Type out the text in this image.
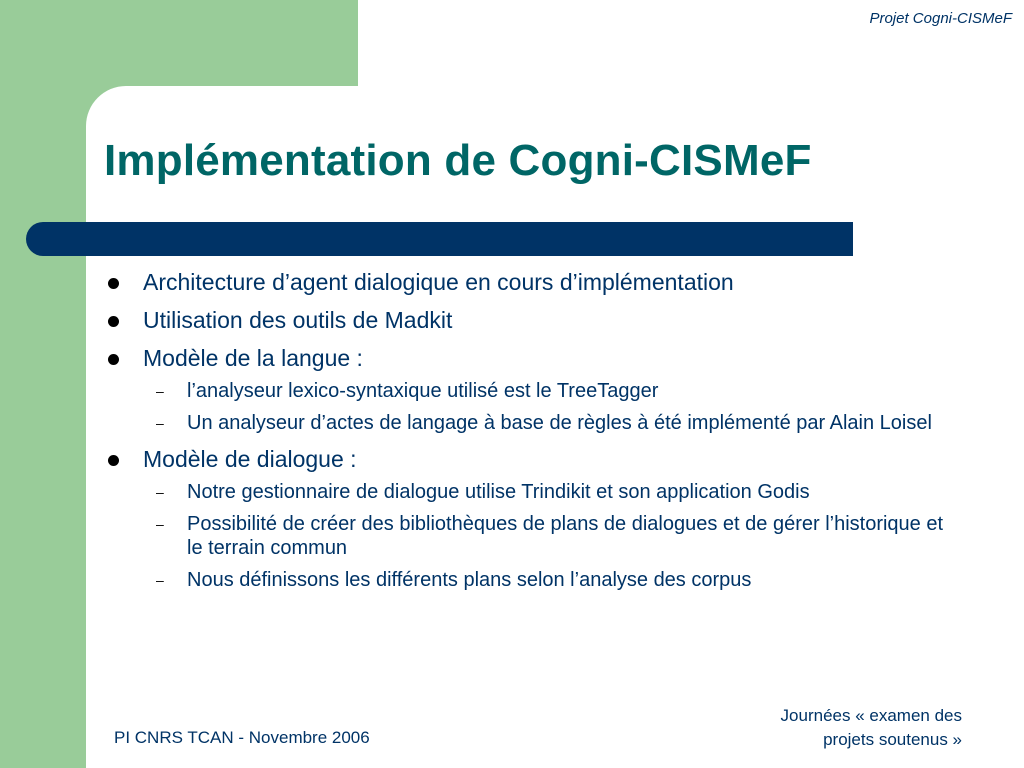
Projet Cogni-CISMeF
Implémentation de Cogni-CISMeF
Architecture d’agent dialogique en cours d’implémentation
Utilisation des outils de Madkit
Modèle de la langue :
– l’analyseur lexico-syntaxique utilisé est le TreeTagger
– Un analyseur d’actes de langage à base de règles à été implémenté par Alain Loisel
Modèle de dialogue :
– Notre gestionnaire de dialogue utilise Trindikit et son application Godis
– Possibilité de créer des bibliothèques de plans de dialogues et de gérer l’historique et le terrain commun
– Nous définissons les différents plans selon l’analyse des corpus
PI CNRS TCAN - Novembre 2006
Journées « examen des
projets soutenus »
